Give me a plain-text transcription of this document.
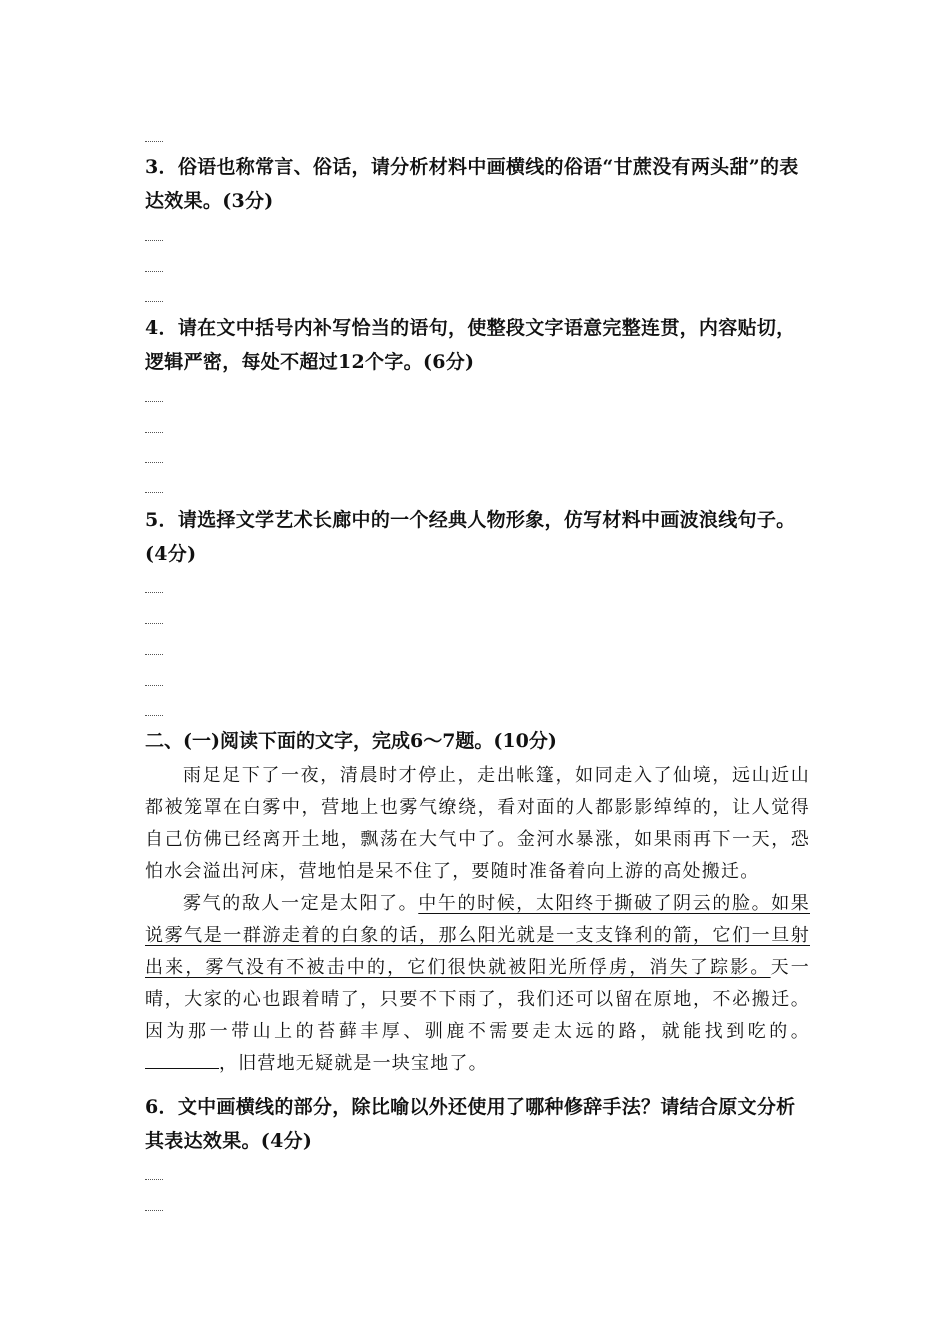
3．俗语也称常言、俗话，请分析材料中画横线的俗语“甘蔗没有两头甜”的表达效果。(3分)
4．请在文中括号内补写恰当的语句，使整段文字语意完整连贯，内容贴切，逻辑严密，每处不超过12个字。(6分)
5．请选择文学艺术长廊中的一个经典人物形象，仿写材料中画波浪线句子。 (4分)
二、(一)阅读下面的文字，完成6～7题。(10分)

雨足足下了一夜，清晨时才停止，走出帐篷，如同走入了仙境，远山近山都被笼罩在白雾中，营地上也雾气缭绕，看对面的人都影影绰绰的，让人觉得自己仿佛已经离开土地，飘荡在大气中了。金河水暴涨，如果雨再下一天，恐怕水会溢出河床，营地怕是呆不住了，要随时准备着向上游的高处搬迁。

雾气的敌人一定是太阳了。中午的时候，太阳终于撕破了阴云的脸。如果说雾气是一群游走着的白象的话，那么阳光就是一支支锋利的箭，它们一旦射出来，雾气没有不被击中的，它们很快就被阳光所俘虏，消失了踪影。天一晴，大家的心也跟着晴了，只要不下雨了，我们还可以留在原地，不必搬迁。因为那一带山上的苔藓丰厚、驯鹿不需要走太远的路，就能找到吃的。，旧营地无疑就是一块宝地了。

6．文中画横线的部分，除比喻以外还使用了哪种修辞手法？请结合原文分析其表达效果。(4分)
